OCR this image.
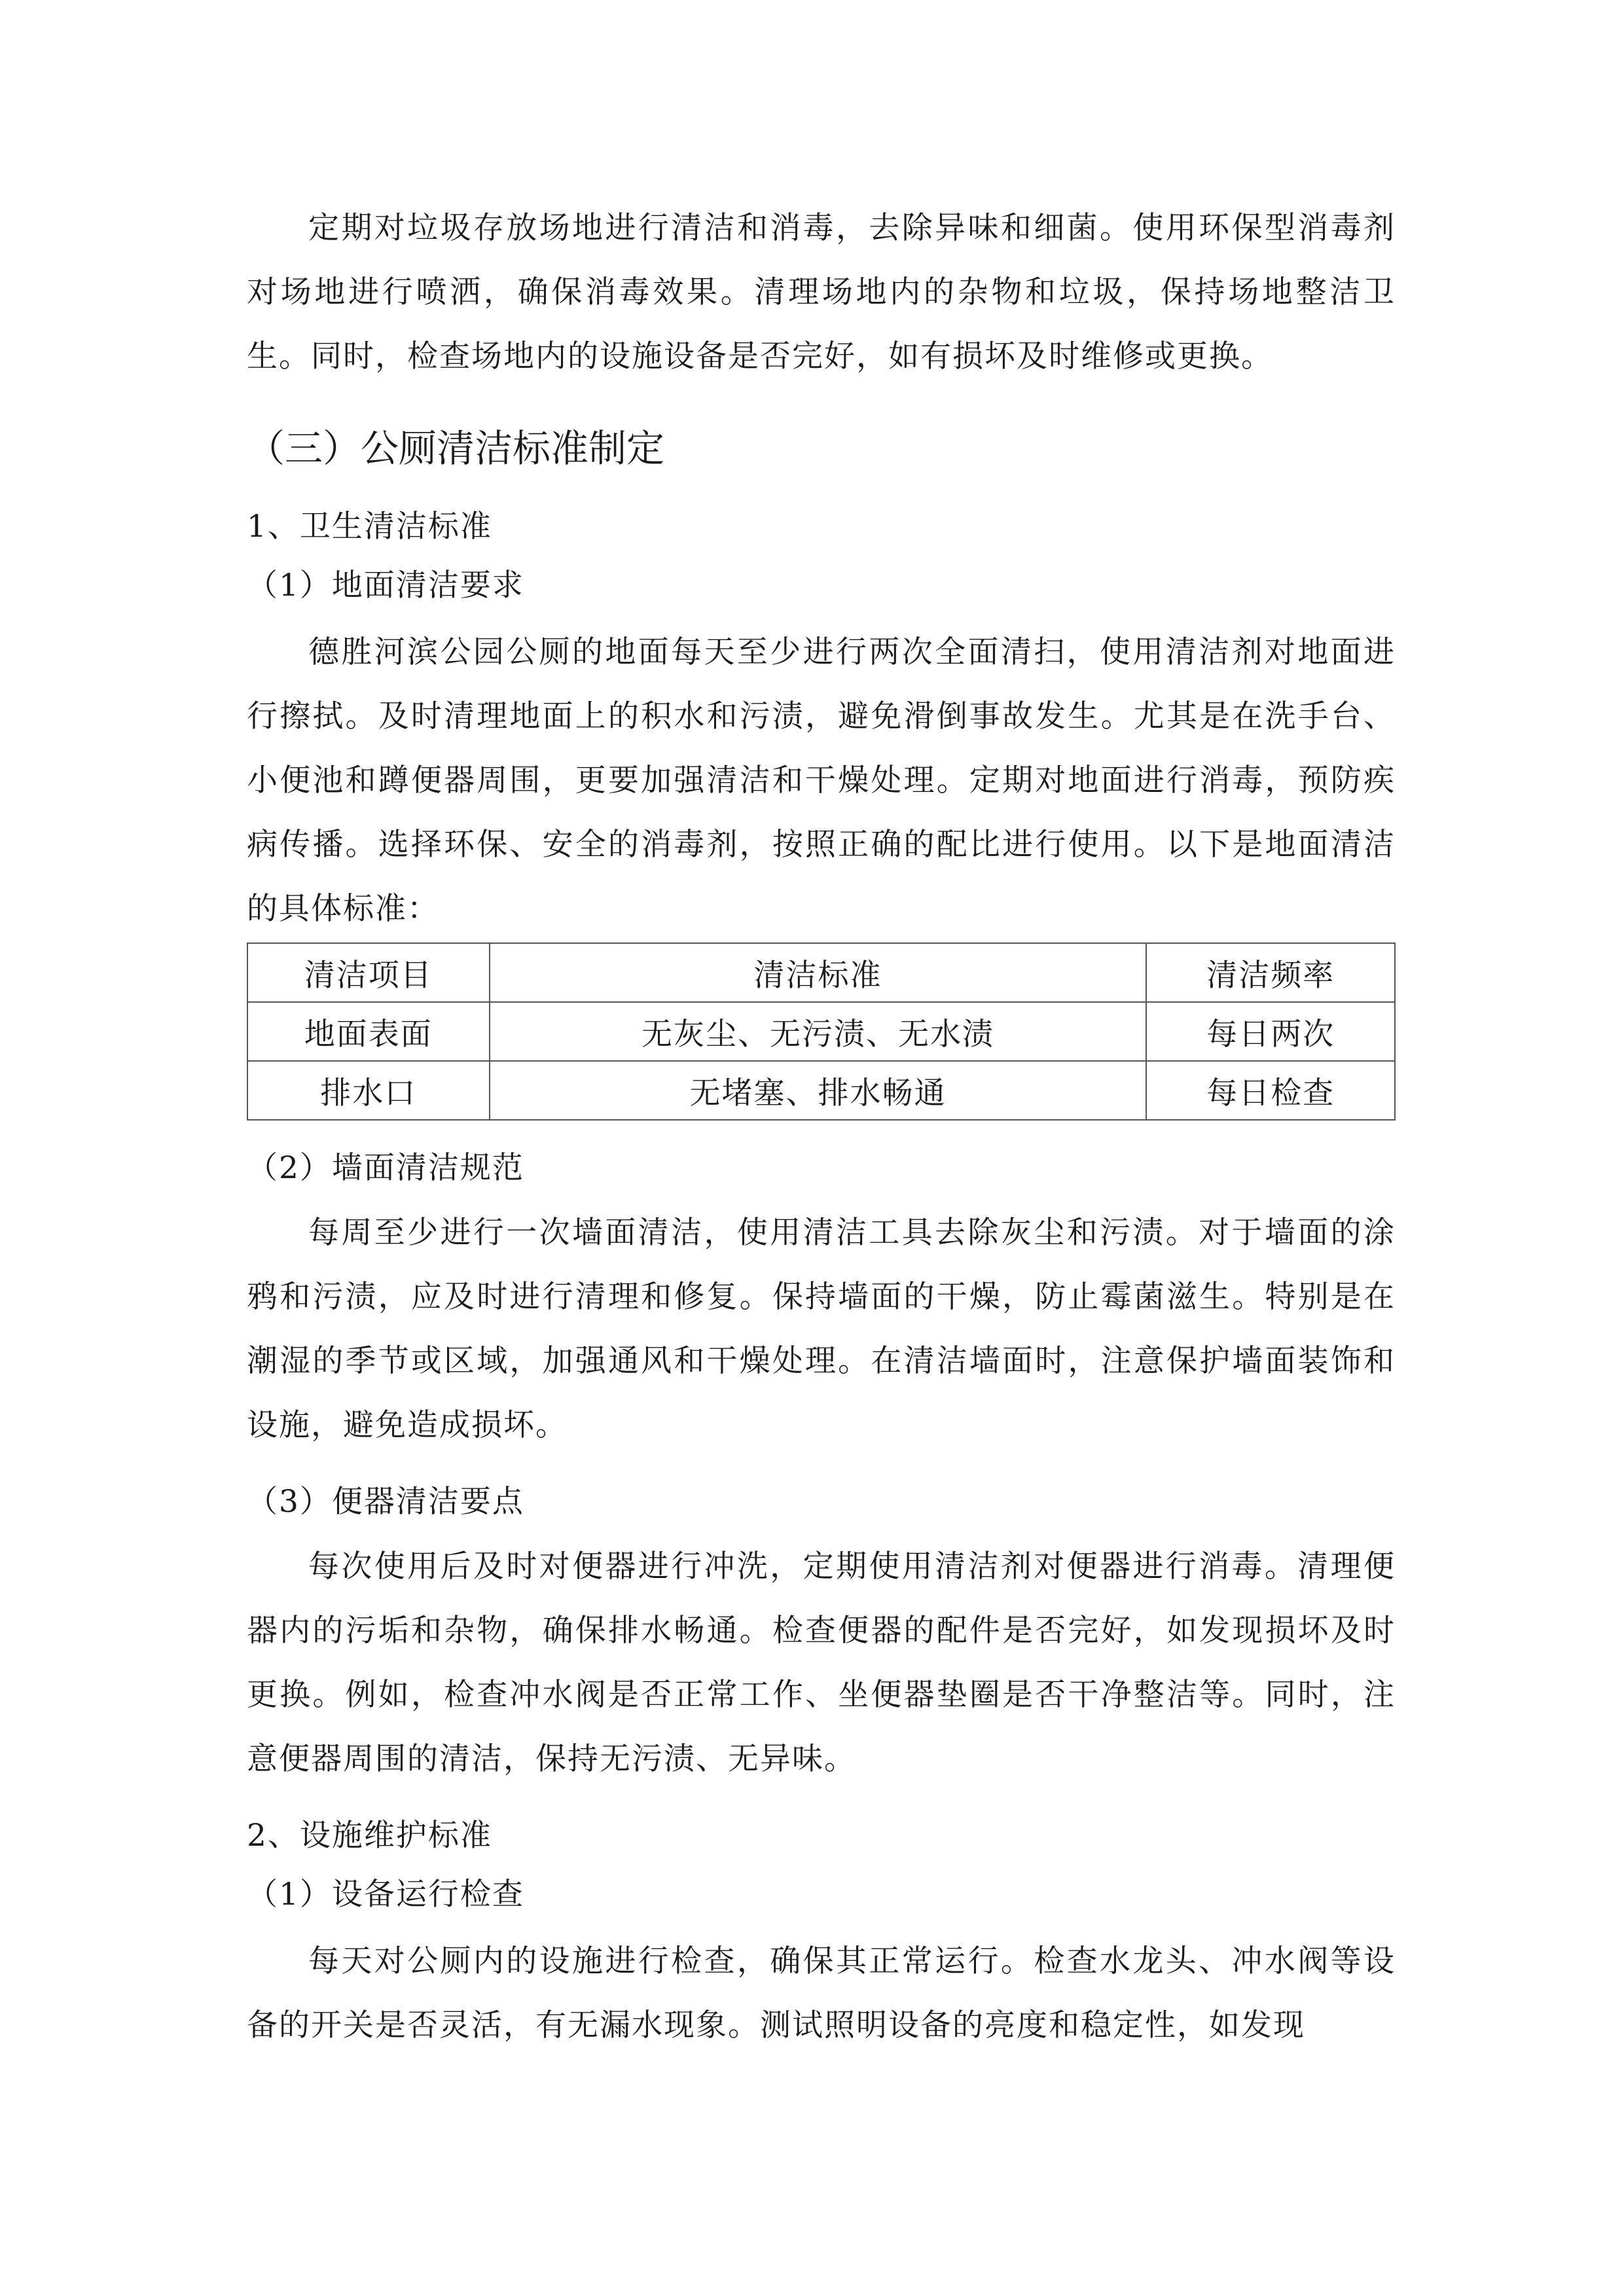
定期对垃圾存放场地进行清洁和消毒，去除异味和细菌。使用环保型消毒剂对场地进行喷洒，确保消毒效果。清理场地内的杂物和垃圾，保持场地整洁卫生。同时，检查场地内的设施设备是否完好，如有损坏及时维修或更换。

（三）公厕清洁标准制定

1、卫生清洁标准

（1）地面清洁要求

德胜河滨公园公厕的地面每天至少进行两次全面清扫，使用清洁剂对地面进行擦拭。及时清理地面上的积水和污渍，避免滑倒事故发生。尤其是在洗手台、小便池和蹲便器周围，更要加强清洁和干燥处理。定期对地面进行消毒，预防疾病传播。选择环保、安全的消毒剂，按照正确的配比进行使用。以下是地面清洁的具体标准：

清洁项目	清洁标准	清洁频率
地面表面	无灰尘、无污渍、无水渍	每日两次
排水口	无堵塞、排水畅通	每日检查

（2）墙面清洁规范

每周至少进行一次墙面清洁，使用清洁工具去除灰尘和污渍。对于墙面的涂鸦和污渍，应及时进行清理和修复。保持墙面的干燥，防止霉菌滋生。特别是在潮湿的季节或区域，加强通风和干燥处理。在清洁墙面时，注意保护墙面装饰和设施，避免造成损坏。

（3）便器清洁要点

每次使用后及时对便器进行冲洗，定期使用清洁剂对便器进行消毒。清理便器内的污垢和杂物，确保排水畅通。检查便器的配件是否完好，如发现损坏及时更换。例如，检查冲水阀是否正常工作、坐便器垫圈是否干净整洁等。同时，注意便器周围的清洁，保持无污渍、无异味。

2、设施维护标准

（1）设备运行检查

每天对公厕内的设施进行检查，确保其正常运行。检查水龙头、冲水阀等设备的开关是否灵活，有无漏水现象。测试照明设备的亮度和稳定性，如发现
